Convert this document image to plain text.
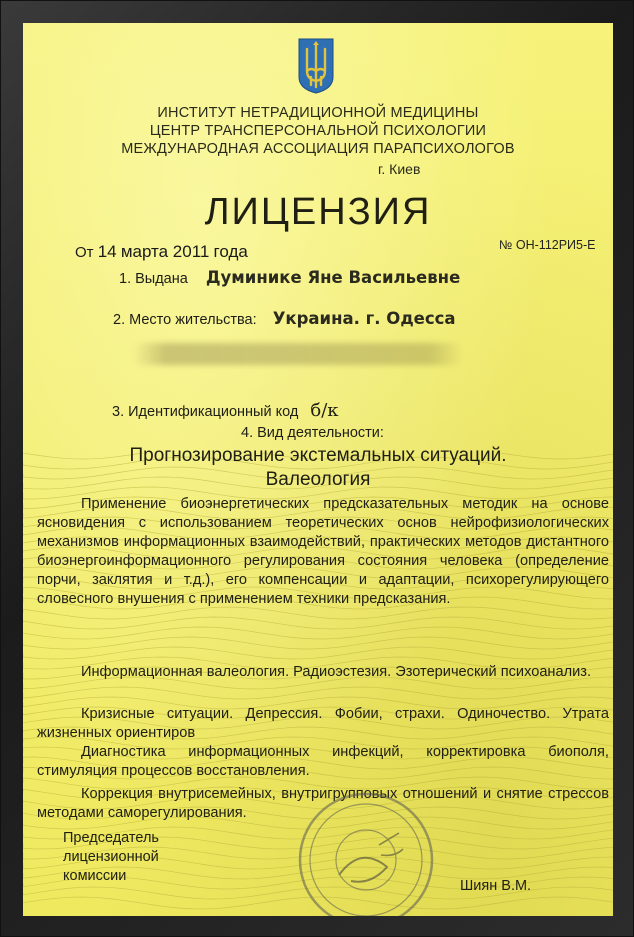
ИНСТИТУТ НЕТРАДИЦИОННОЙ МЕДИЦИНЫ
ЦЕНТР ТРАНСПЕРСОНАЛЬНОЙ ПСИХОЛОГИИ
МЕЖДУНАРОДНАЯ АССОЦИАЦИЯ ПАРАПСИХОЛОГОВ
г. Киев
ЛИЦЕНЗИЯ
От 14 марта 2011 года	№ ОН-112РИ5-Е
1. Выдана Думинике Яне Васильевне
2. Место жительства: Украина. г. Одесса
3. Идентификационный код б/к
4. Вид деятельности:
Прогнозирование экстемальных ситуаций.
Валеология
Применение биоэнергетических предсказательных методик на основе ясновидения с использованием теоретических основ нейрофизиологических механизмов информационных взаимодействий, практических методов дистантного биоэнергоинформационного регулирования состояния человека (определение порчи, заклятия и т.д.), его компенсации и адаптации, психорегулирующего словесного внушения с применением техники предсказания.
Информационная валеология. Радиоэстезия. Эзотерический психоанализ.
Кризисные ситуации. Депрессия. Фобии, страхи. Одиночество. Утрата жизненных ориентиров
Диагностика информационных инфекций, корректировка биополя, стимуляция процессов восстановления.
Коррекция внутрисемейных, внутригрупповых отношений и снятие стрессов методами саморегулирования.
Председатель
лицензионной
комиссии
Шиян В.М.
